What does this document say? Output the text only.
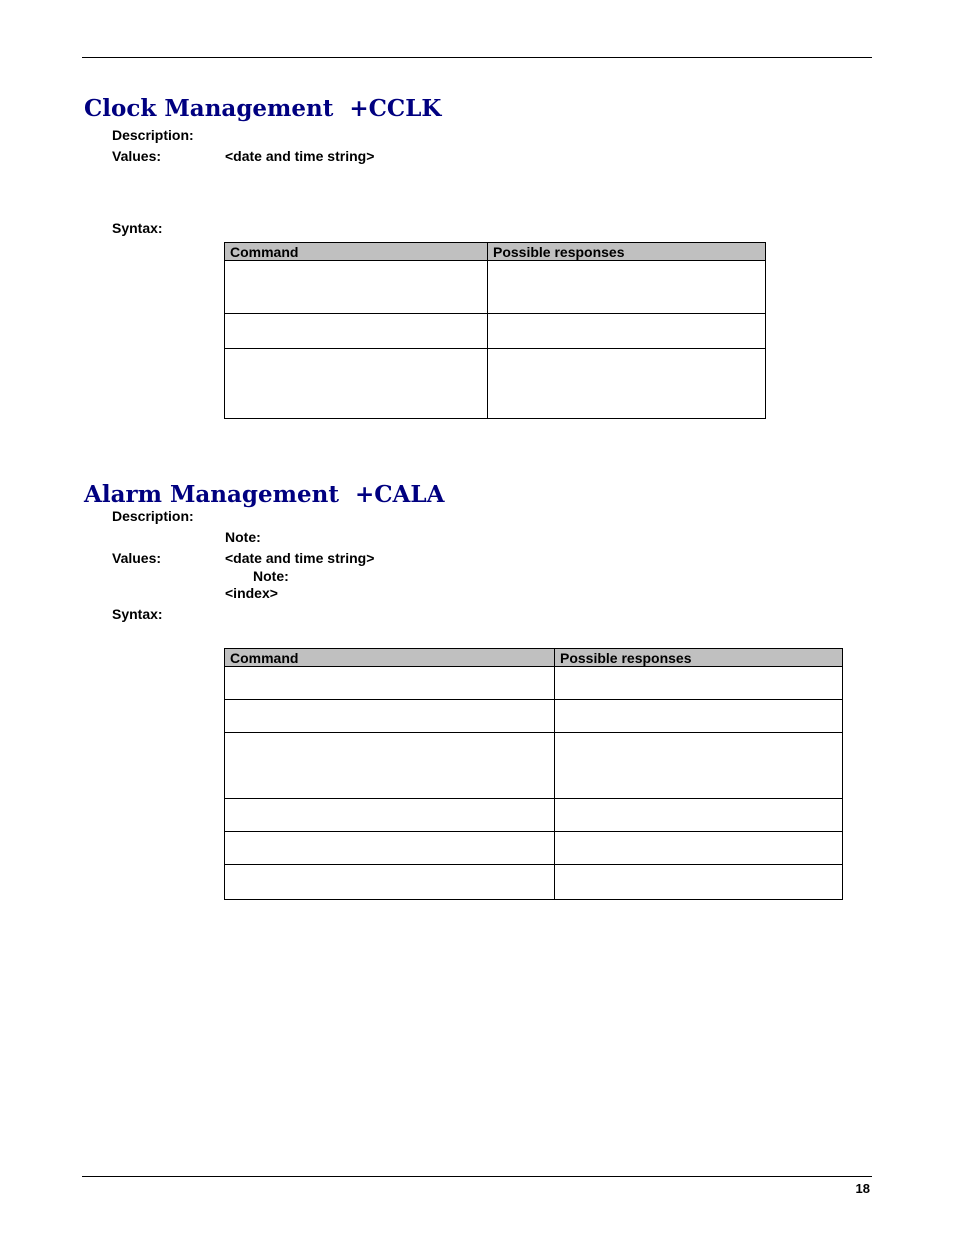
Clock Management +CCLK
Description:
Values:	<date and time string>
Syntax:
Command	Possible responses

Alarm Management +CALA
Description:
Note:
Values:	<date and time string>
Note:
<index>
Syntax:
Command	Possible responses

18
